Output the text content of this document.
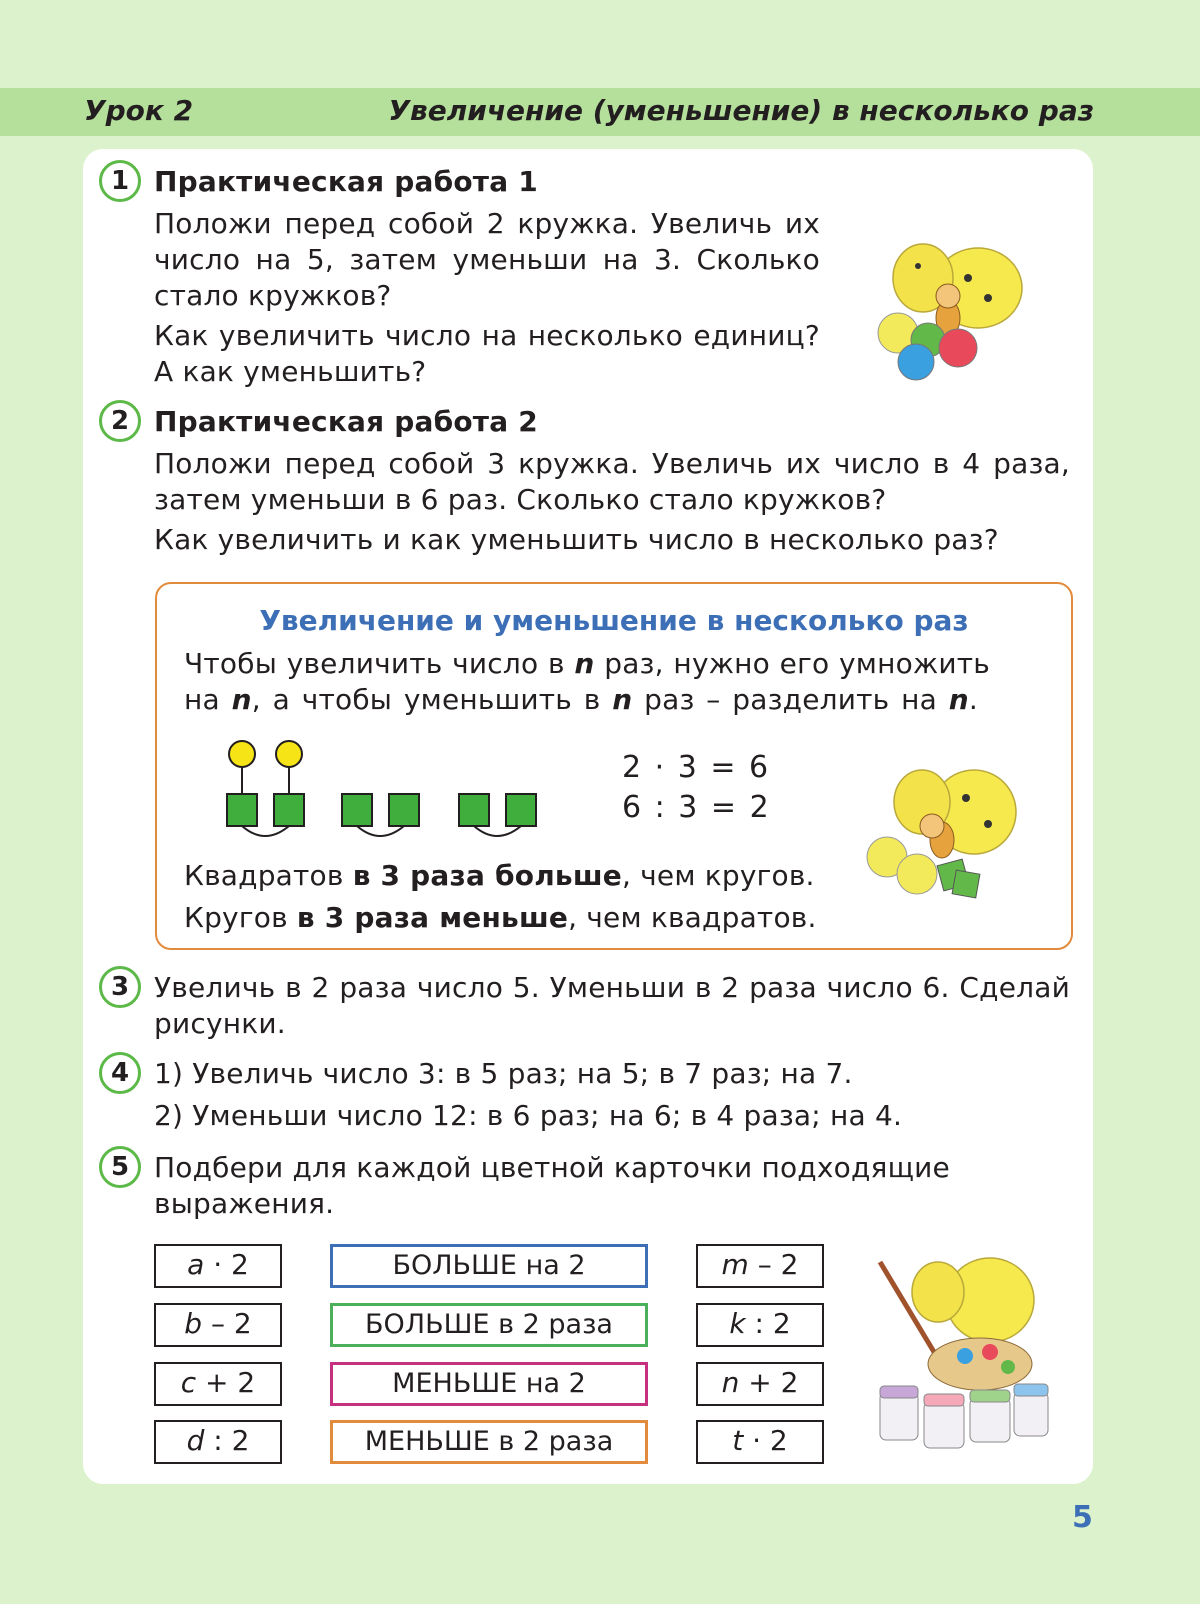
Урок 2	Увеличение (уменьшение) в несколько раз
1 Практическая работа 1
Положи перед собой 2 кружка. Увеличь их
число на 5, затем уменьши на 3. Сколько
стало кружков?
Как увеличить число на несколько единиц?
А как уменьшить?
2 Практическая работа 2
Положи перед собой 3 кружка. Увеличь их число в 4 раза,
затем уменьши в 6 раз. Сколько стало кружков?
Как увеличить и как уменьшить число в несколько раз?
Увеличение и уменьшение в несколько раз
Чтобы увеличить число в n раз, нужно его умножить
на n, а чтобы уменьшить в n раз – разделить на n.
2 · 3 = 6
6 : 3 = 2
Квадратов в 3 раза больше, чем кругов.
Кругов в 3 раза меньше, чем квадратов.
3 Увеличь в 2 раза число 5. Уменьши в 2 раза число 6. Сделай
рисунки.
4 1) Увеличь число 3: в 5 раз; на 5; в 7 раз; на 7.
2) Уменьши число 12: в 6 раз; на 6; в 4 раза; на 4.
5 Подбери для каждой цветной карточки подходящие
выражения.
a · 2
b – 2
c + 2
d : 2
БОЛЬШЕ на 2
БОЛЬШЕ в 2 раза
МЕНЬШЕ на 2
МЕНЬШЕ в 2 раза
m – 2
k : 2
n + 2
t · 2
5
